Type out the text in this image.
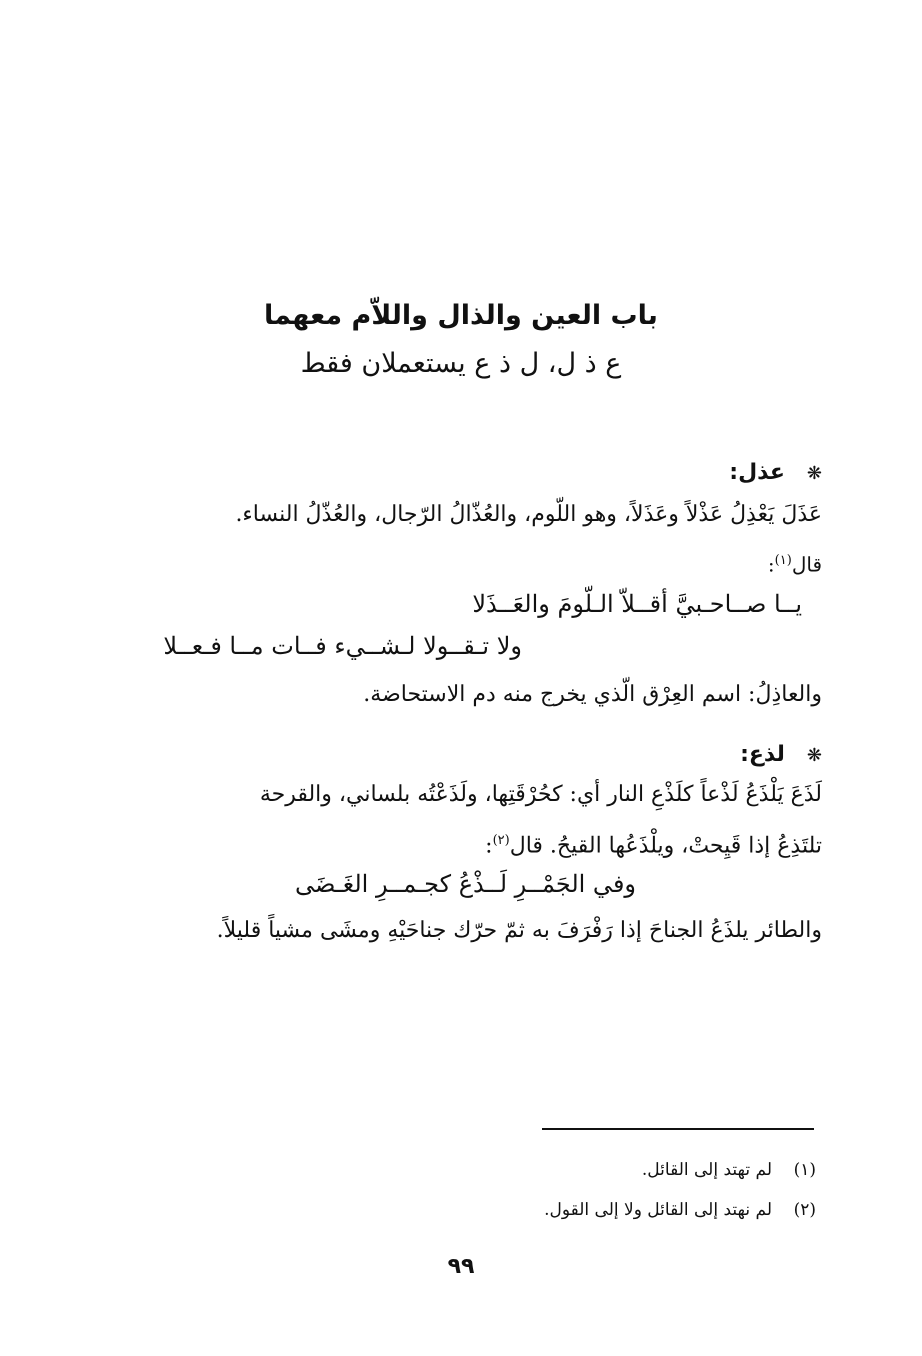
باب العين والذال واللاّم معهما
ع ذ ل، ل ذ ع يستعملان فقط
❋عذل:
عَذَلَ يَعْذِلُ عَذْلاً وعَذَلاً، وهو اللّوم، والعُذّالُ الرّجال، والعُذّلُ النساء.
قال$^{(١)}$:
يــا صــاحـبيَّ أقــلاّ الـلّومَ والعَــذَلا
ولا تـقــولا لـشــيء فــات مــا فـعــلا
والعاذِلُ: اسم العِرْق الّذي يخرج منه دم الاستحاضة.
❋لذع:
لَذَعَ يَلْذَعُ لَذْعاً كلَذْعِ النار أي: كحُرْقَتِها، ولَذَعْتُه بلساني، والقرحة
تلتَذِعُ إذا قَيِحتْ، ويلْذَعُها القيحُ. قال$^{(٢)}$:
وفي الجَمْــرِ لَــذْعُ كجـمــرِ الغَـضَى
والطائر يلذَعُ الجناحَ إذا رَفْرَفَ به ثمّ حرّك جناحَيْهِ ومشَى مشياً قليلاً.
(١)لم تهتد إلى القائل.
(٢)لم نهتد إلى القائل ولا إلى القول.
٩٩
